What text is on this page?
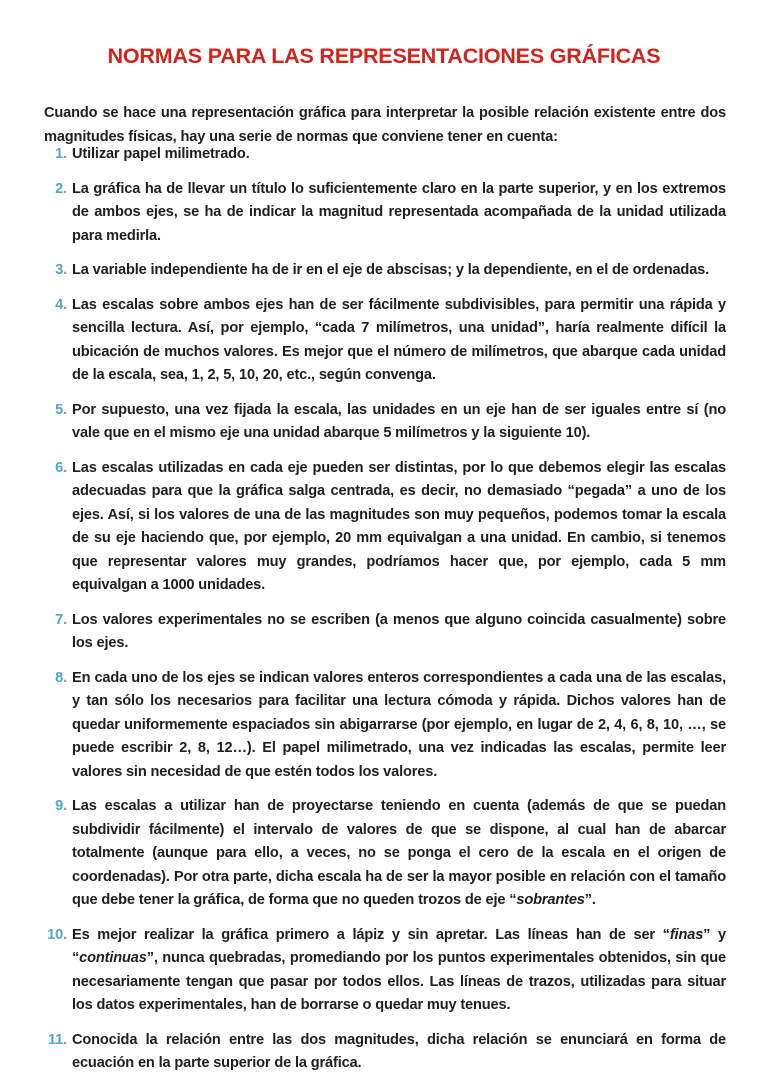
NORMAS PARA LAS REPRESENTACIONES GRÁFICAS

Cuando se hace una representación gráfica para interpretar la posible relación existente entre dos magnitudes físicas, hay una serie de normas que conviene tener en cuenta:

1. Utilizar papel milimetrado.
2. La gráfica ha de llevar un título lo suficientemente claro en la parte superior, y en los extremos de ambos ejes, se ha de indicar la magnitud representada acompañada de la unidad utilizada para medirla.
3. La variable independiente ha de ir en el eje de abscisas; y la dependiente, en el de ordenadas.
4. Las escalas sobre ambos ejes han de ser fácilmente subdivisibles, para permitir una rápida y sencilla lectura. Así, por ejemplo, “cada 7 milímetros, una unidad”, haría realmente difícil la ubicación de muchos valores. Es mejor que el número de milímetros, que abarque cada unidad de la escala, sea, 1, 2, 5, 10, 20, etc., según convenga.
5. Por supuesto, una vez fijada la escala, las unidades en un eje han de ser iguales entre sí (no vale que en el mismo eje una unidad abarque 5 milímetros y la siguiente 10).
6. Las escalas utilizadas en cada eje pueden ser distintas, por lo que debemos elegir las escalas adecuadas para que la gráfica salga centrada, es decir, no demasiado “pegada” a uno de los ejes. Así, si los valores de una de las magnitudes son muy pequeños, podemos tomar la escala de su eje haciendo que, por ejemplo, 20 mm equivalgan a una unidad. En cambio, si tenemos que representar valores muy grandes, podríamos hacer que, por ejemplo, cada 5 mm equivalgan a 1000 unidades.
7. Los valores experimentales no se escriben (a menos que alguno coincida casualmente) sobre los ejes.
8. En cada uno de los ejes se indican valores enteros correspondientes a cada una de las escalas, y tan sólo los necesarios para facilitar una lectura cómoda y rápida. Dichos valores han de quedar uniformemente espaciados sin abigarrarse (por ejemplo, en lugar de 2, 4, 6, 8, 10, …, se puede escribir 2, 8, 12…). El papel milimetrado, una vez indicadas las escalas, permite leer valores sin necesidad de que estén todos los valores.
9. Las escalas a utilizar han de proyectarse teniendo en cuenta (además de que se puedan subdividir fácilmente) el intervalo de valores de que se dispone, al cual han de abarcar totalmente (aunque para ello, a veces, no se ponga el cero de la escala en el origen de coordenadas). Por otra parte, dicha escala ha de ser la mayor posible en relación con el tamaño que debe tener la gráfica, de forma que no queden trozos de eje “sobrantes”.
10. Es mejor realizar la gráfica primero a lápiz y sin apretar. Las líneas han de ser “finas” y “continuas”, nunca quebradas, promediando por los puntos experimentales obtenidos, sin que necesariamente tengan que pasar por todos ellos. Las líneas de trazos, utilizadas para situar los datos experimentales, han de borrarse o quedar muy tenues.
11. Conocida la relación entre las dos magnitudes, dicha relación se enunciará en forma de ecuación en la parte superior de la gráfica.
